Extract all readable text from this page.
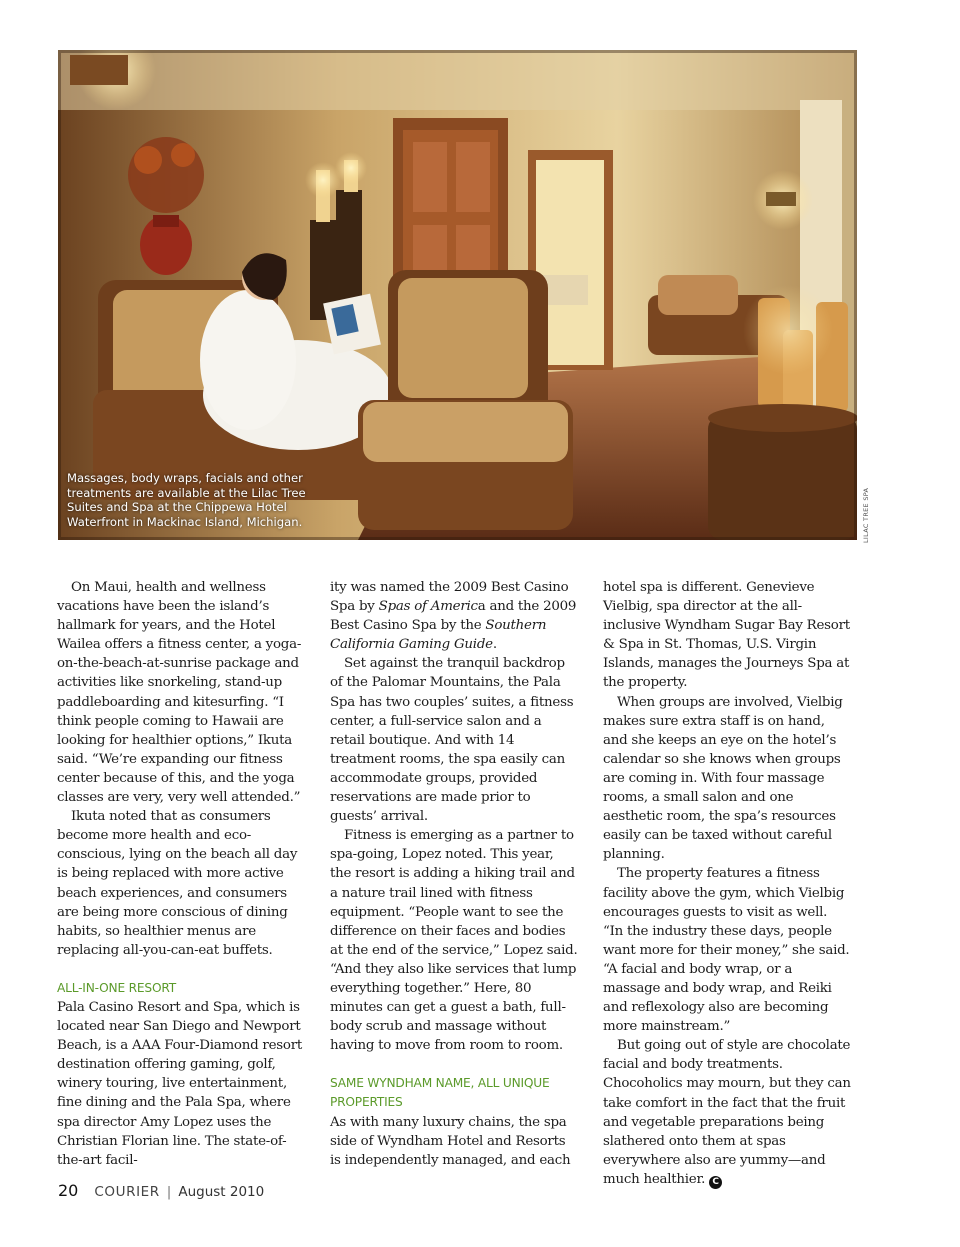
Massages, body wraps, facials and other treatments are available at the Lilac Tree Suites and Spa at the Chippewa Hotel Waterfront in Mackinac Island, Michigan.	LILAC TREE SPA

On Maui, health and wellness vacations have been the island’s hallmark for years, and the Hotel Wailea offers a fitness center, a yoga-on-the-beach-at-sunrise package and activities like snorkeling, stand-up paddleboarding and kitesurfing. “I think people coming to Hawaii are looking for healthier options,” Ikuta said. “We’re expanding our fitness center because of this, and the yoga classes are very, very well attended.”

Ikuta noted that as consumers become more health and eco-conscious, lying on the beach all day is being replaced with more active beach experiences, and consumers are being more conscious of dining habits, so healthier menus are replacing all-you-can-eat buffets.

ALL-IN-ONE RESORT

Pala Casino Resort and Spa, which is located near San Diego and Newport Beach, is a AAA Four-Diamond resort destination offering gaming, golf, winery touring, live entertainment, fine dining and the Pala Spa, where spa director Amy Lopez uses the Christian Florian line. The state-of-the-art facil-

ity was named the 2009 Best Casino Spa by Spas of America and the 2009 Best Casino Spa by the Southern California Gaming Guide.

Set against the tranquil backdrop of the Palomar Mountains, the Pala Spa has two couples’ suites, a fitness center, a full-service salon and a retail boutique. And with 14 treatment rooms, the spa easily can accommodate groups, provided reservations are made prior to guests’ arrival.

Fitness is emerging as a partner to spa-going, Lopez noted. This year, the resort is adding a hiking trail and a nature trail lined with fitness equipment. “People want to see the difference on their faces and bodies at the end of the service,” Lopez said. “And they also like services that lump everything together.” Here, 80 minutes can get a guest a bath, full-body scrub and massage without having to move from room to room.

SAME WYNDHAM NAME, ALL UNIQUE PROPERTIES

As with many luxury chains, the spa side of Wyndham Hotel and Resorts is independently managed, and each

hotel spa is different. Genevieve Vielbig, spa director at the all-inclusive Wyndham Sugar Bay Resort & Spa in St. Thomas, U.S. Virgin Islands, manages the Journeys Spa at the property.

When groups are involved, Vielbig makes sure extra staff is on hand, and she keeps an eye on the hotel’s calendar so she knows when groups are coming in. With four massage rooms, a small salon and one aesthetic room, the spa’s resources easily can be taxed without careful planning.

The property features a fitness facility above the gym, which Vielbig encourages guests to visit as well. “In the industry these days, people want more for their money,” she said. “A facial and body wrap, or a massage and body wrap, and Reiki and reflexology also are becoming more mainstream.”

But going out of style are chocolate facial and body treatments. Chocoholics may mourn, but they can take comfort in the fact that the fruit and vegetable preparations being slathered onto them at spas everywhere also are yummy—and much healthier. C

20 COURIER | August 2010
